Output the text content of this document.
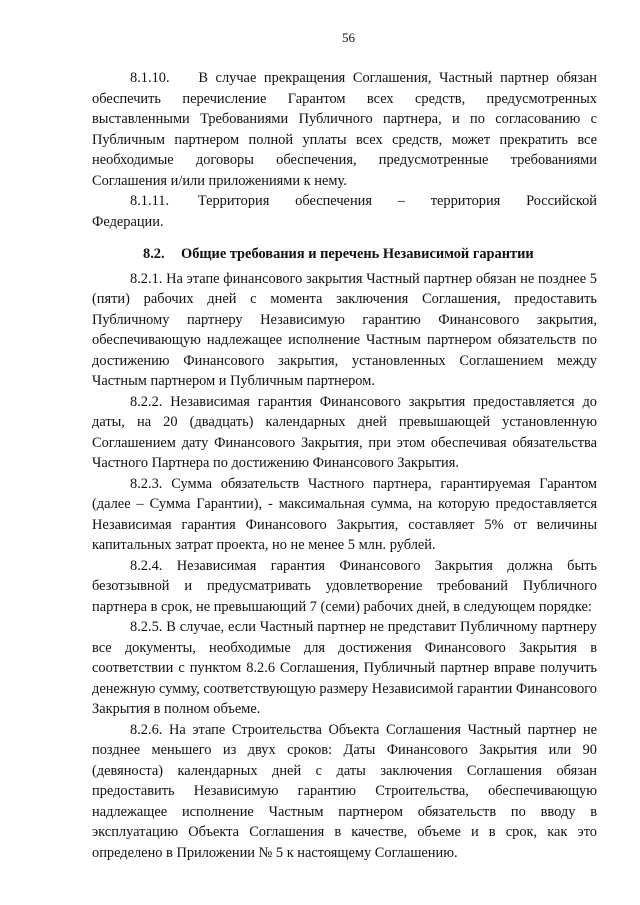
56

8.1.10.  В случае прекращения Соглашения, Частный партнер обязан обеспечить перечисление Гарантом всех средств, предусмотренных выставленными Требованиями Публичного партнера, и по согласованию с Публичным партнером полной уплаты всех средств, может прекратить все необходимые договоры обеспечения, предусмотренные требованиями Соглашения и/или приложениями к нему.

8.1.11.  Территория обеспечения – территория Российской Федерации.

8.2. Общие требования и перечень Независимой гарантии

8.2.1. На этапе финансового закрытия Частный партнер обязан не позднее 5 (пяти) рабочих дней с момента заключения Соглашения, предоставить Публичному партнеру Независимую гарантию Финансового закрытия, обеспечивающую надлежащее исполнение Частным партнером обязательств по достижению Финансового закрытия, установленных Соглашением между Частным партнером и Публичным партнером.

8.2.2. Независимая гарантия Финансового закрытия предоставляется до даты, на 20 (двадцать) календарных дней превышающей установленную Соглашением дату Финансового Закрытия, при этом обеспечивая обязательства Частного Партнера по достижению Финансового Закрытия.

8.2.3. Сумма обязательств Частного партнера, гарантируемая Гарантом (далее – Сумма Гарантии), - максимальная сумма, на которую предоставляется Независимая гарантия Финансового Закрытия, составляет 5% от величины капитальных затрат проекта, но не менее 5 млн. рублей.

8.2.4. Независимая гарантия Финансового Закрытия должна быть безотзывной и предусматривать удовлетворение требований Публичного партнера в срок, не превышающий 7 (семи) рабочих дней, в следующем порядке:

8.2.5. В случае, если Частный партнер не представит Публичному партнеру все документы, необходимые для достижения Финансового Закрытия в соответствии с пунктом 8.2.6 Соглашения, Публичный партнер вправе получить денежную сумму, соответствующую размеру Независимой гарантии Финансового Закрытия в полном объеме.

8.2.6. На этапе Строительства Объекта Соглашения Частный партнер не позднее меньшего из двух сроков: Даты Финансового Закрытия или 90 (девяноста) календарных дней с даты заключения Соглашения обязан предоставить Независимую гарантию Строительства, обеспечивающую надлежащее исполнение Частным партнером обязательств по вводу в эксплуатацию Объекта Соглашения в качестве, объеме и в срок, как это определено в Приложении № 5 к настоящему Соглашению.
